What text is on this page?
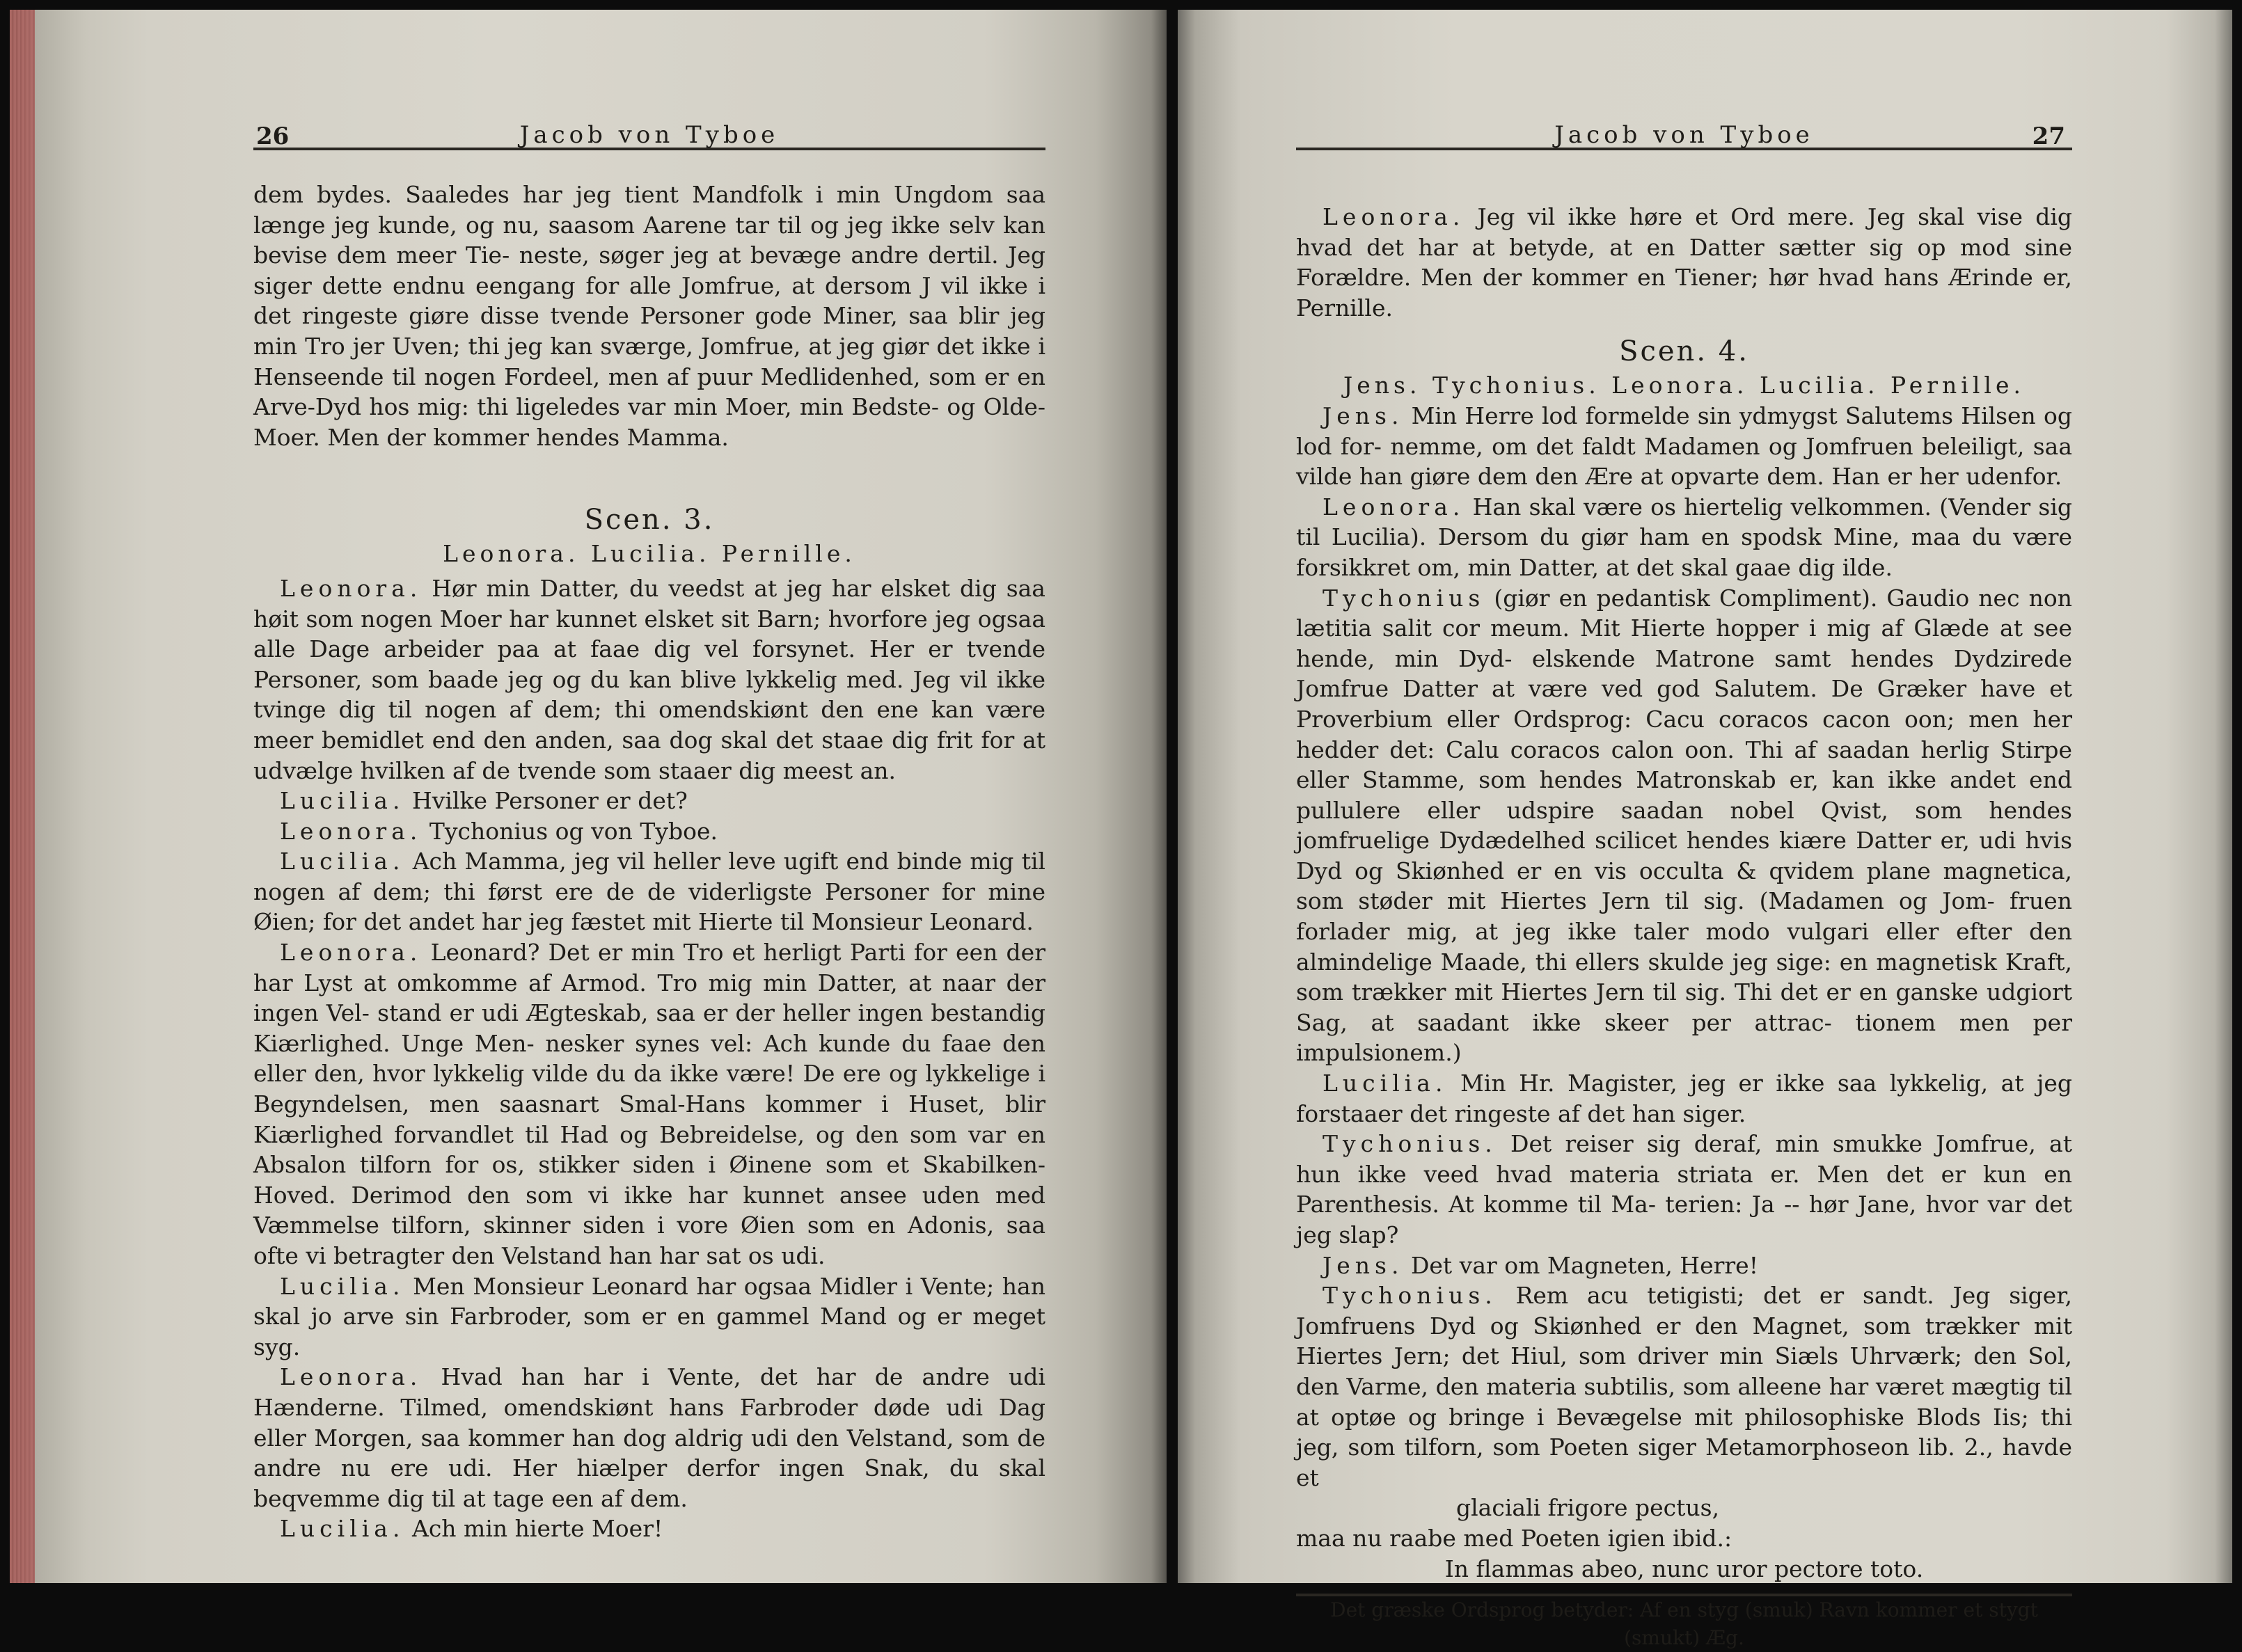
26	Jacob von Tyboe

dem bydes. Saaledes har jeg tient Mandfolk i min Ungdom saa længe jeg kunde, og nu, saasom Aarene tar til og jeg ikke selv kan bevise dem meer Tie- neste, søger jeg at bevæge andre dertil. Jeg siger dette endnu eengang for alle Jomfrue, at dersom J vil ikke i det ringeste giøre disse tvende Personer gode Miner, saa blir jeg min Tro jer Uven; thi jeg kan sværge, Jomfrue, at jeg giør det ikke i Henseende til nogen Fordeel, men af puur Medlidenhed, som er en Arve-Dyd hos mig: thi ligeledes var min Moer, min Bedste- og Olde-Moer. Men der kommer hendes Mamma.

Scen. 3.

Leonora. Lucilia. Pernille.

Leonora. Hør min Datter, du veedst at jeg har elsket dig saa høit som nogen Moer har kunnet elsket sit Barn; hvorfore jeg ogsaa alle Dage arbeider paa at faae dig vel forsynet. Her er tvende Personer, som baade jeg og du kan blive lykkelig med. Jeg vil ikke tvinge dig til nogen af dem; thi omendskiønt den ene kan være meer bemidlet end den anden, saa dog skal det staae dig frit for at udvælge hvilken af de tvende som staaer dig meest an.

Lucilia. Hvilke Personer er det?

Leonora. Tychonius og von Tyboe.

Lucilia. Ach Mamma, jeg vil heller leve ugift end binde mig til nogen af dem; thi først ere de de viderligste Personer for mine Øien; for det andet har jeg fæstet mit Hierte til Monsieur Leonard.

Leonora. Leonard? Det er min Tro et herligt Parti for een der har Lyst at omkomme af Armod. Tro mig min Datter, at naar der ingen Vel- stand er udi Ægteskab, saa er der heller ingen bestandig Kiærlighed. Unge Men- nesker synes vel: Ach kunde du faae den eller den, hvor lykkelig vilde du da ikke være! De ere og lykkelige i Begyndelsen, men saasnart Smal-Hans kommer i Huset, blir Kiærlighed forvandlet til Had og Bebreidelse, og den som var en Absalon tilforn for os, stikker siden i Øinene som et Skabilken-Hoved. Derimod den som vi ikke har kunnet ansee uden med Væmmelse tilforn, skinner siden i vore Øien som en Adonis, saa ofte vi betragter den Velstand han har sat os udi.

Lucilia. Men Monsieur Leonard har ogsaa Midler i Vente; han skal jo arve sin Farbroder, som er en gammel Mand og er meget syg.

Leonora. Hvad han har i Vente, det har de andre udi Hænderne. Tilmed, omendskiønt hans Farbroder døde udi Dag eller Morgen, saa kommer han dog aldrig udi den Velstand, som de andre nu ere udi. Her hiælper derfor ingen Snak, du skal beqvemme dig til at tage een af dem.

Lucilia. Ach min hierte Moer!

Jacob von Tyboe	27

Leonora. Jeg vil ikke høre et Ord mere. Jeg skal vise dig hvad det har at betyde, at en Datter sætter sig op mod sine Forældre. Men der kommer en Tiener; hør hvad hans Ærinde er, Pernille.

Scen. 4.

Jens. Tychonius. Leonora. Lucilia. Pernille.

Jens. Min Herre lod formelde sin ydmygst Salutems Hilsen og lod for- nemme, om det faldt Madamen og Jomfruen beleiligt, saa vilde han giøre dem den Ære at opvarte dem. Han er her udenfor.

Leonora. Han skal være os hiertelig velkommen. (Vender sig til Lucilia). Dersom du giør ham en spodsk Mine, maa du være forsikkret om, min Datter, at det skal gaae dig ilde.

Tychonius (giør en pedantisk Compliment). Gaudio nec non lætitia salit cor meum. Mit Hierte hopper i mig af Glæde at see hende, min Dyd- elskende Matrone samt hendes Dydzirede Jomfrue Datter at være ved god Salutem. De Græker have et Proverbium eller Ordsprog: Cacu coracos cacon oon; men her hedder det: Calu coracos calon oon. Thi af saadan herlig Stirpe eller Stamme, som hendes Matronskab er, kan ikke andet end pullulere eller udspire saadan nobel Qvist, som hendes jomfruelige Dydædelhed scilicet hendes kiære Datter er, udi hvis Dyd og Skiønhed er en vis occulta & qvidem plane magnetica, som støder mit Hiertes Jern til sig. (Madamen og Jom- fruen forlader mig, at jeg ikke taler modo vulgari eller efter den almindelige Maade, thi ellers skulde jeg sige: en magnetisk Kraft, som trækker mit Hiertes Jern til sig. Thi det er en ganske udgiort Sag, at saadant ikke skeer per attrac- tionem men per impulsionem.)

Lucilia. Min Hr. Magister, jeg er ikke saa lykkelig, at jeg forstaaer det ringeste af det han siger.

Tychonius. Det reiser sig deraf, min smukke Jomfrue, at hun ikke veed hvad materia striata er. Men det er kun en Parenthesis. At komme til Ma- terien: Ja -- hør Jane, hvor var det jeg slap?

Jens. Det var om Magneten, Herre!

Tychonius. Rem acu tetigisti; det er sandt. Jeg siger, Jomfruens Dyd og Skiønhed er den Magnet, som trækker mit Hiertes Jern; det Hiul, som driver min Siæls Uhrværk; den Sol, den Varme, den materia subtilis, som alleene har været mægtig til at optøe og bringe i Bevægelse mit philosophiske Blods Iis; thi jeg, som tilforn, som Poeten siger Metamorphoseon lib. 2., havde et

glaciali frigore pectus,

maa nu raabe med Poeten igien ibid.:

In flammas abeo, nunc uror pectore toto.

Det græske Ordsprog betyder: Af en styg (smuk) Ravn kommer et stygt (smukt) Æg.
